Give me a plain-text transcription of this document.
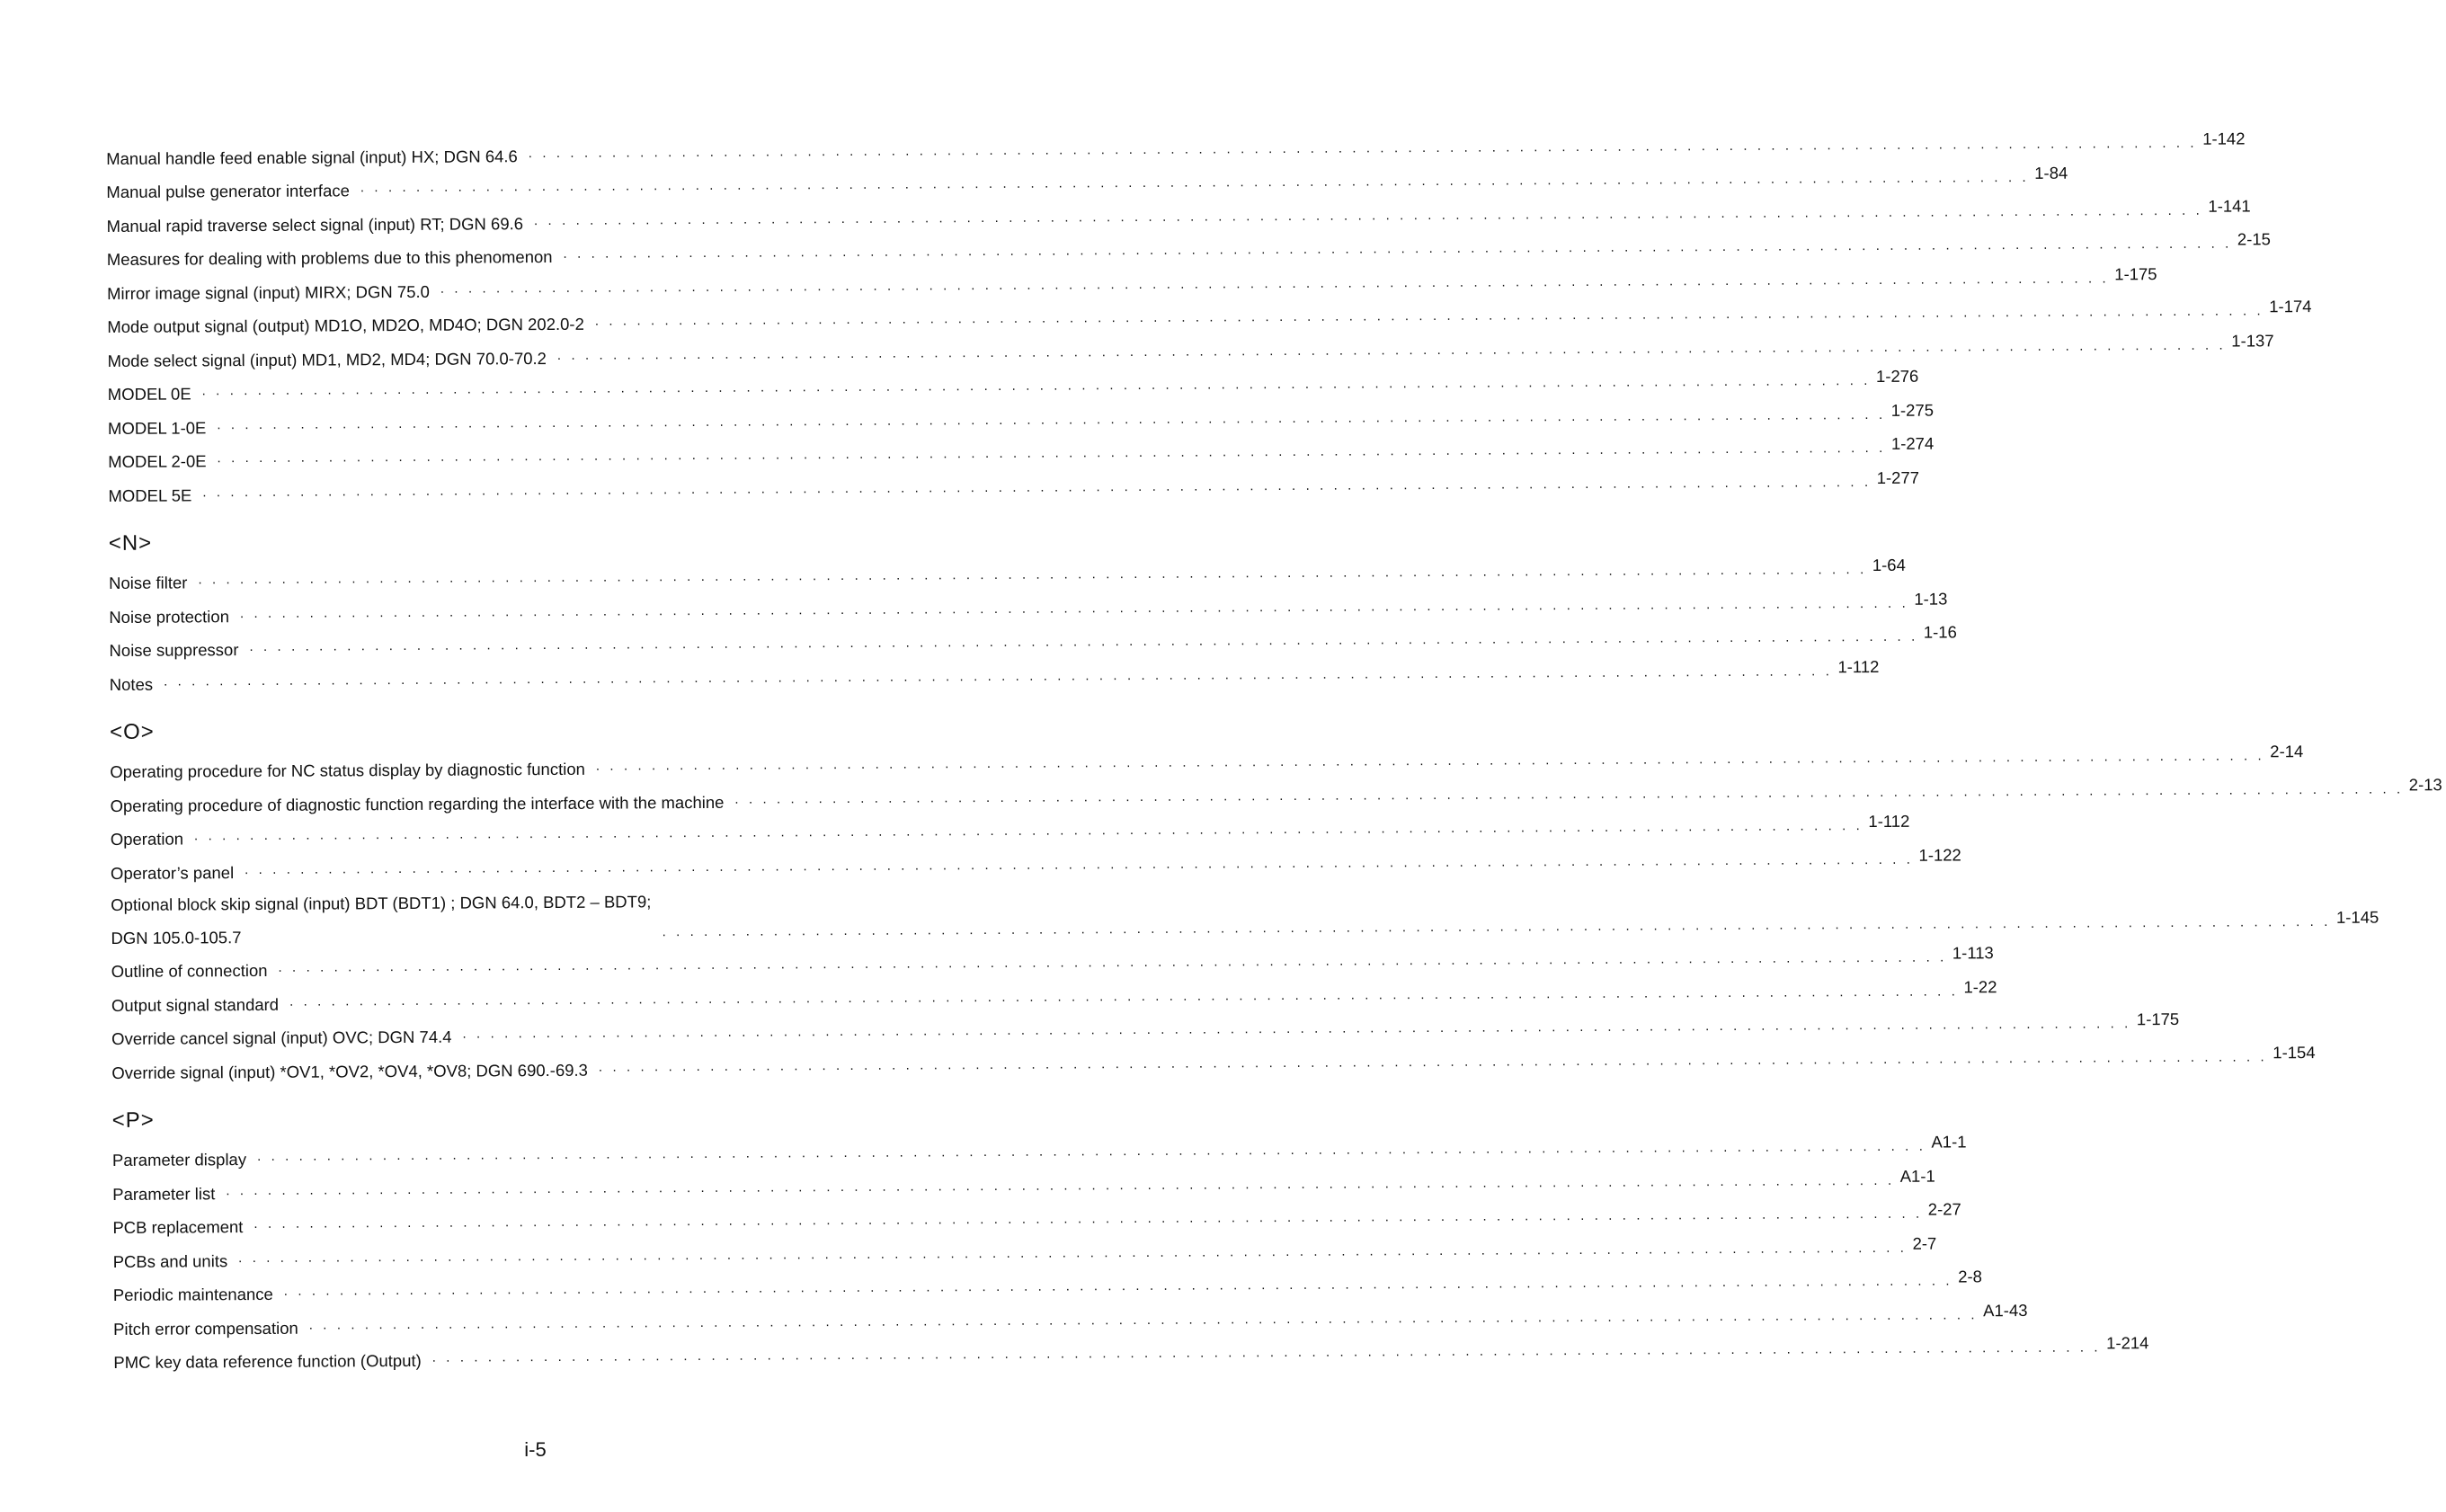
Manual handle feed enable signal (input) HX; DGN 64.6 . . . . . . . . . . . . . . . . . . . . . . . . . . . . . . . . . . . . . . . . . . . . . . . . . . . . . . . . . . . . . . . . . . . . . . . . . . . . . . . . . . . . . . . . . . . . . . . . . . . . . . . . . . . . . . . . . . . . . . . . 1-142
Manual pulse generator interface . . . . . . . . . . . . . . . . . . . . . . . . . . . . . . . . . . . . . . . . . . . . . . . . . . . . . . . . . . . . . . . . . . . . . . . . . . . . . . . . . . . . . . . . . . . . . . . . . . . . . . . . . . . . . . . . . . . . . . . . 1-84
Manual rapid traverse select signal (input) RT; DGN 69.6 . . . . . . . . . . . . . . . . . . . . . . . . . . . . . . . . . . . . . . . . . . . . . . . . . . . . . . . . . . . . . . . . . . . . . . . . . . . . . . . . . . . . . . . . . . . . . . . . . . . . . . . . . . . . . . . . . . . . . . . . 1-141
Measures for dealing with problems due to this phenomenon . . . . . . . . . . . . . . . . . . . . . . . . . . . . . . . . . . . . . . . . . . . . . . . . . . . . . . . . . . . . . . . . . . . . . . . . . . . . . . . . . . . . . . . . . . . . . . . . . . . . . . . . . . . . . . . . . . . . . . . . 2-15
Mirror image signal (input) MIRX; DGN 75.0 . . . . . . . . . . . . . . . . . . . . . . . . . . . . . . . . . . . . . . . . . . . . . . . . . . . . . . . . . . . . . . . . . . . . . . . . . . . . . . . . . . . . . . . . . . . . . . . . . . . . . . . . . . . . . . . . . . . . . . . . 1-175
Mode output signal (output) MD1O, MD2O, MD4O; DGN 202.0-2 . . . . . . . . . . . . . . . . . . . . . . . . . . . . . . . . . . . . . . . . . . . . . . . . . . . . . . . . . . . . . . . . . . . . . . . . . . . . . . . . . . . . . . . . . . . . . . . . . . . . . . . . . . . . . . . . . . . . . . . . 1-174
Mode select signal (input) MD1, MD2, MD4; DGN 70.0-70.2 . . . . . . . . . . . . . . . . . . . . . . . . . . . . . . . . . . . . . . . . . . . . . . . . . . . . . . . . . . . . . . . . . . . . . . . . . . . . . . . . . . . . . . . . . . . . . . . . . . . . . . . . . . . . . . . . . . . . . . . . 1-137
MODEL 0E . . . . . . . . . . . . . . . . . . . . . . . . . . . . . . . . . . . . . . . . . . . . . . . . . . . . . . . . . . . . . . . . . . . . . . . . . . . . . . . . . . . . . . . . . . . . . . . . . . . . . . . . . . . . . . . . . . . . . . . . 1-276
MODEL 1-0E . . . . . . . . . . . . . . . . . . . . . . . . . . . . . . . . . . . . . . . . . . . . . . . . . . . . . . . . . . . . . . . . . . . . . . . . . . . . . . . . . . . . . . . . . . . . . . . . . . . . . . . . . . . . . . . . . . . . . . . . 1-275
MODEL 2-0E . . . . . . . . . . . . . . . . . . . . . . . . . . . . . . . . . . . . . . . . . . . . . . . . . . . . . . . . . . . . . . . . . . . . . . . . . . . . . . . . . . . . . . . . . . . . . . . . . . . . . . . . . . . . . . . . . . . . . . . . 1-274
MODEL 5E . . . . . . . . . . . . . . . . . . . . . . . . . . . . . . . . . . . . . . . . . . . . . . . . . . . . . . . . . . . . . . . . . . . . . . . . . . . . . . . . . . . . . . . . . . . . . . . . . . . . . . . . . . . . . . . . . . . . . . . . 1-277
<N>
Noise filter . . . . . . . . . . . . . . . . . . . . . . . . . . . . . . . . . . . . . . . . . . . . . . . . . . . . . . . . . . . . . . . . . . . . . . . . . . . . . . . . . . . . . . . . . . . . . . . . . . . . . . . . . . . . . . . . . . . . . . . . 1-64
Noise protection . . . . . . . . . . . . . . . . . . . . . . . . . . . . . . . . . . . . . . . . . . . . . . . . . . . . . . . . . . . . . . . . . . . . . . . . . . . . . . . . . . . . . . . . . . . . . . . . . . . . . . . . . . . . . . . . . . . . . . . . 1-13
Noise suppressor . . . . . . . . . . . . . . . . . . . . . . . . . . . . . . . . . . . . . . . . . . . . . . . . . . . . . . . . . . . . . . . . . . . . . . . . . . . . . . . . . . . . . . . . . . . . . . . . . . . . . . . . . . . . . . . . . . . . . . . . 1-16
Notes . . . . . . . . . . . . . . . . . . . . . . . . . . . . . . . . . . . . . . . . . . . . . . . . . . . . . . . . . . . . . . . . . . . . . . . . . . . . . . . . . . . . . . . . . . . . . . . . . . . . . . . . . . . . . . . . . . . . . . . . 1-112
<O>
Operating procedure for NC status display by diagnostic function . . . . . . . . . . . . . . . . . . . . . . . . . . . . . . . . . . . . . . . . . . . . . . . . . . . . . . . . . . . . . . . . . . . . . . . . . . . . . . . . . . . . . . . . . . . . . . . . . . . . . . . . . . . . . . . . . . . . . . . . 2-14
Operating procedure of diagnostic function regarding the interface with the machine . . . . . . . . . . . . . . . . . . . . . . . . . . . . . . . . . . . . . . . . . . . . . . . . . . . . . . . . . . . . . . . . . . . . . . . . . . . . . . . . . . . . . . . . . . . . . . . . . . . . . . . . . . . . . . . . . . . . . . . . 2-13
Operation . . . . . . . . . . . . . . . . . . . . . . . . . . . . . . . . . . . . . . . . . . . . . . . . . . . . . . . . . . . . . . . . . . . . . . . . . . . . . . . . . . . . . . . . . . . . . . . . . . . . . . . . . . . . . . . . . . . . . . . . 1-112
Operator’s panel . . . . . . . . . . . . . . . . . . . . . . . . . . . . . . . . . . . . . . . . . . . . . . . . . . . . . . . . . . . . . . . . . . . . . . . . . . . . . . . . . . . . . . . . . . . . . . . . . . . . . . . . . . . . . . . . . . . . . . . . 1-122
Optional block skip signal (input) BDT (BDT1) ; DGN 64.0, BDT2 – BDT9;
DGN 105.0-105.7	. . . . . . . . . . . . . . . . . . . . . . . . . . . . . . . . . . . . . . . . . . . . . . . . . . . . . . . . . . . . . . . . . . . . . . . . . . . . . . . . . . . . . . . . . . . . . . . . . . . . . . . . . . . . . . . . . . . . . . . . 1-145
Outline of connection . . . . . . . . . . . . . . . . . . . . . . . . . . . . . . . . . . . . . . . . . . . . . . . . . . . . . . . . . . . . . . . . . . . . . . . . . . . . . . . . . . . . . . . . . . . . . . . . . . . . . . . . . . . . . . . . . . . . . . . . 1-113
Output signal standard . . . . . . . . . . . . . . . . . . . . . . . . . . . . . . . . . . . . . . . . . . . . . . . . . . . . . . . . . . . . . . . . . . . . . . . . . . . . . . . . . . . . . . . . . . . . . . . . . . . . . . . . . . . . . . . . . . . . . . . . 1-22
Override cancel signal (input) OVC; DGN 74.4 . . . . . . . . . . . . . . . . . . . . . . . . . . . . . . . . . . . . . . . . . . . . . . . . . . . . . . . . . . . . . . . . . . . . . . . . . . . . . . . . . . . . . . . . . . . . . . . . . . . . . . . . . . . . . . . . . . . . . . . . 1-175
Override signal (input) *OV1, *OV2, *OV4, *OV8; DGN 690.-69.3 . . . . . . . . . . . . . . . . . . . . . . . . . . . . . . . . . . . . . . . . . . . . . . . . . . . . . . . . . . . . . . . . . . . . . . . . . . . . . . . . . . . . . . . . . . . . . . . . . . . . . . . . . . . . . . . . . . . . . . . . 1-154
<P>
Parameter display . . . . . . . . . . . . . . . . . . . . . . . . . . . . . . . . . . . . . . . . . . . . . . . . . . . . . . . . . . . . . . . . . . . . . . . . . . . . . . . . . . . . . . . . . . . . . . . . . . . . . . . . . . . . . . . . . . . . . . . . A1-1
Parameter list . . . . . . . . . . . . . . . . . . . . . . . . . . . . . . . . . . . . . . . . . . . . . . . . . . . . . . . . . . . . . . . . . . . . . . . . . . . . . . . . . . . . . . . . . . . . . . . . . . . . . . . . . . . . . . . . . . . . . . . . A1-1
PCB replacement . . . . . . . . . . . . . . . . . . . . . . . . . . . . . . . . . . . . . . . . . . . . . . . . . . . . . . . . . . . . . . . . . . . . . . . . . . . . . . . . . . . . . . . . . . . . . . . . . . . . . . . . . . . . . . . . . . . . . . . . 2-27
PCBs and units . . . . . . . . . . . . . . . . . . . . . . . . . . . . . . . . . . . . . . . . . . . . . . . . . . . . . . . . . . . . . . . . . . . . . . . . . . . . . . . . . . . . . . . . . . . . . . . . . . . . . . . . . . . . . . . . . . . . . . . . 2-7
Periodic maintenance . . . . . . . . . . . . . . . . . . . . . . . . . . . . . . . . . . . . . . . . . . . . . . . . . . . . . . . . . . . . . . . . . . . . . . . . . . . . . . . . . . . . . . . . . . . . . . . . . . . . . . . . . . . . . . . . . . . . . . . . 2-8
Pitch error compensation . . . . . . . . . . . . . . . . . . . . . . . . . . . . . . . . . . . . . . . . . . . . . . . . . . . . . . . . . . . . . . . . . . . . . . . . . . . . . . . . . . . . . . . . . . . . . . . . . . . . . . . . . . . . . . . . . . . . . . . . A1-43
PMC key data reference function (Output) . . . . . . . . . . . . . . . . . . . . . . . . . . . . . . . . . . . . . . . . . . . . . . . . . . . . . . . . . . . . . . . . . . . . . . . . . . . . . . . . . . . . . . . . . . . . . . . . . . . . . . . . . . . . . . . . . . . . . . . . 1-214
i-5
